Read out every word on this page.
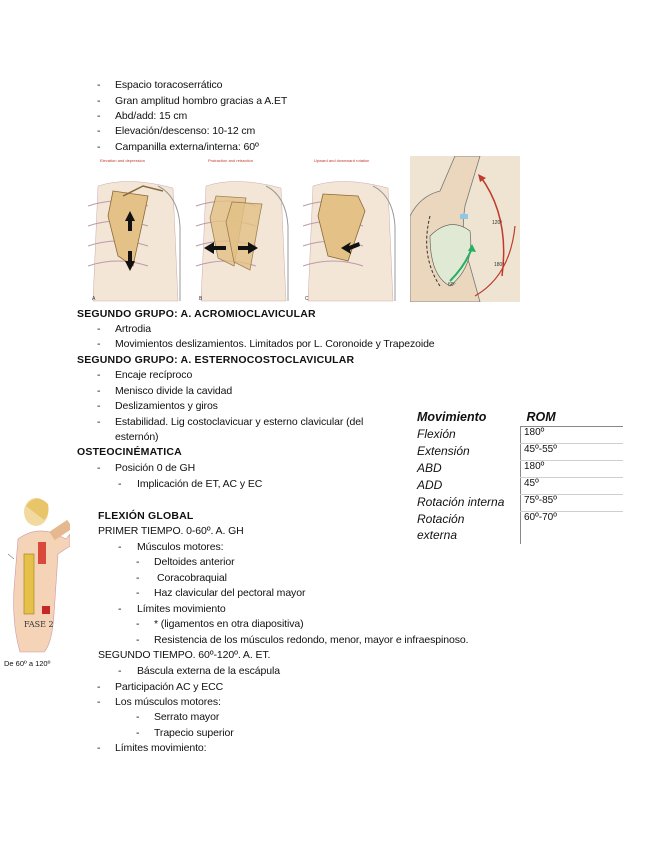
- Espacio toracoserrático
- Gran amplitud hombro gracias a A.ET
- Abd/add: 15 cm
- Elevación/descenso: 10-12 cm
- Campanilla externa/interna: 60º
Elevation and depression	Protraction and retraction	Upward and downward rotation
A	B	C
120º
180º
60º
SEGUNDO GRUPO: A. ACROMIOCLAVICULAR
- Artrodia
- Movimientos deslizamientos. Limitados por L. Coronoide y Trapezoide
SEGUNDO GRUPO: A. ESTERNOCOSTOCLAVICULAR
- Encaje recíproco
- Menisco divide la cavidad
- Deslizamientos y giros
- Estabilidad. Lig costoclavicuar y esterno clavicular (del
esternón)
OSTEOCINÉMATICA
- Posición 0 de GH
- Implicación de ET, AC y EC
Movimiento	ROM
Flexión	180º
Extensión	45º-55º
ABD	180º
ADD	45º
Rotación interna	75º-85º
Rotación	60º-70º
externa	
FASE 2
De 60º a 120º
FLEXIÓN GLOBAL
PRIMER TIEMPO. 0-60º. A. GH
- Músculos motores:
- Deltoides anterior
- Coracobraquial
- Haz clavicular del pectoral mayor
- Límites movimiento
- * (ligamentos en otra diapositiva)
- Resistencia de los músculos redondo, menor, mayor e infraespinoso.
SEGUNDO TIEMPO. 60º-120º. A. ET.
- Báscula externa de la escápula
- Participación AC y ECC
- Los músculos motores:
- Serrato mayor
- Trapecio superior
- Límites movimiento:
